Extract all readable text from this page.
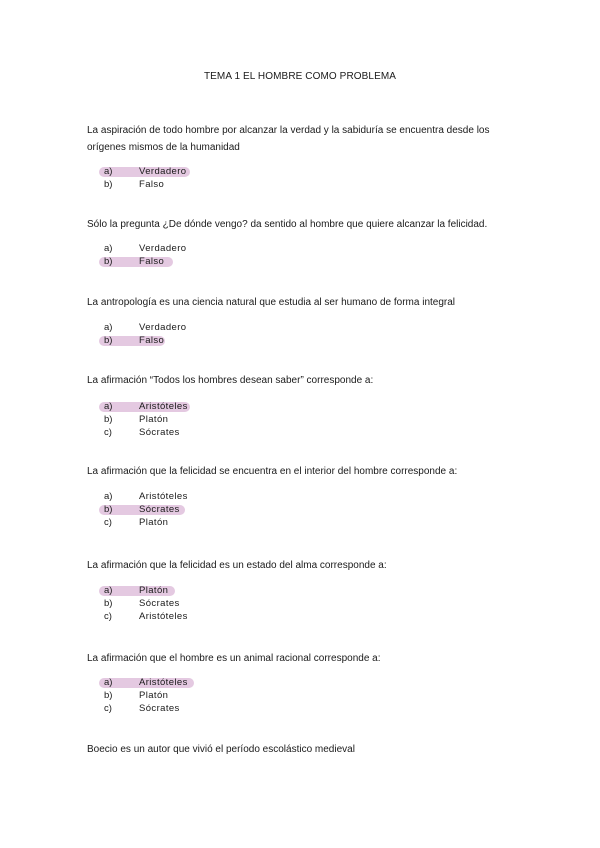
TEMA 1 EL HOMBRE COMO PROBLEMA
La aspiración de todo hombre por alcanzar la verdad y la sabiduría se encuentra desde los orígenes mismos de la humanidad
a)	Verdadero
b)	Falso
Sólo la pregunta ¿De dónde vengo? da sentido al hombre que quiere alcanzar la felicidad.
a)	Verdadero
b)	Falso
La antropología es una ciencia natural que estudia al ser humano de forma integral
a)	Verdadero
b)	Falso
La afirmación “Todos los hombres desean saber” corresponde a:
a)	Aristóteles
b)	Platón
c)	Sócrates
La afirmación que la felicidad se encuentra en el interior del hombre corresponde a:
a)	Aristóteles
b)	Sócrates
c)	Platón
La afirmación que la felicidad es un estado del alma corresponde a:
a)	Platón
b)	Sócrates
c)	Aristóteles
La afirmación que el hombre es un animal racional corresponde a:
a)	Aristóteles
b)	Platón
c)	Sócrates
Boecio es un autor que vivió el período escolástico medieval
